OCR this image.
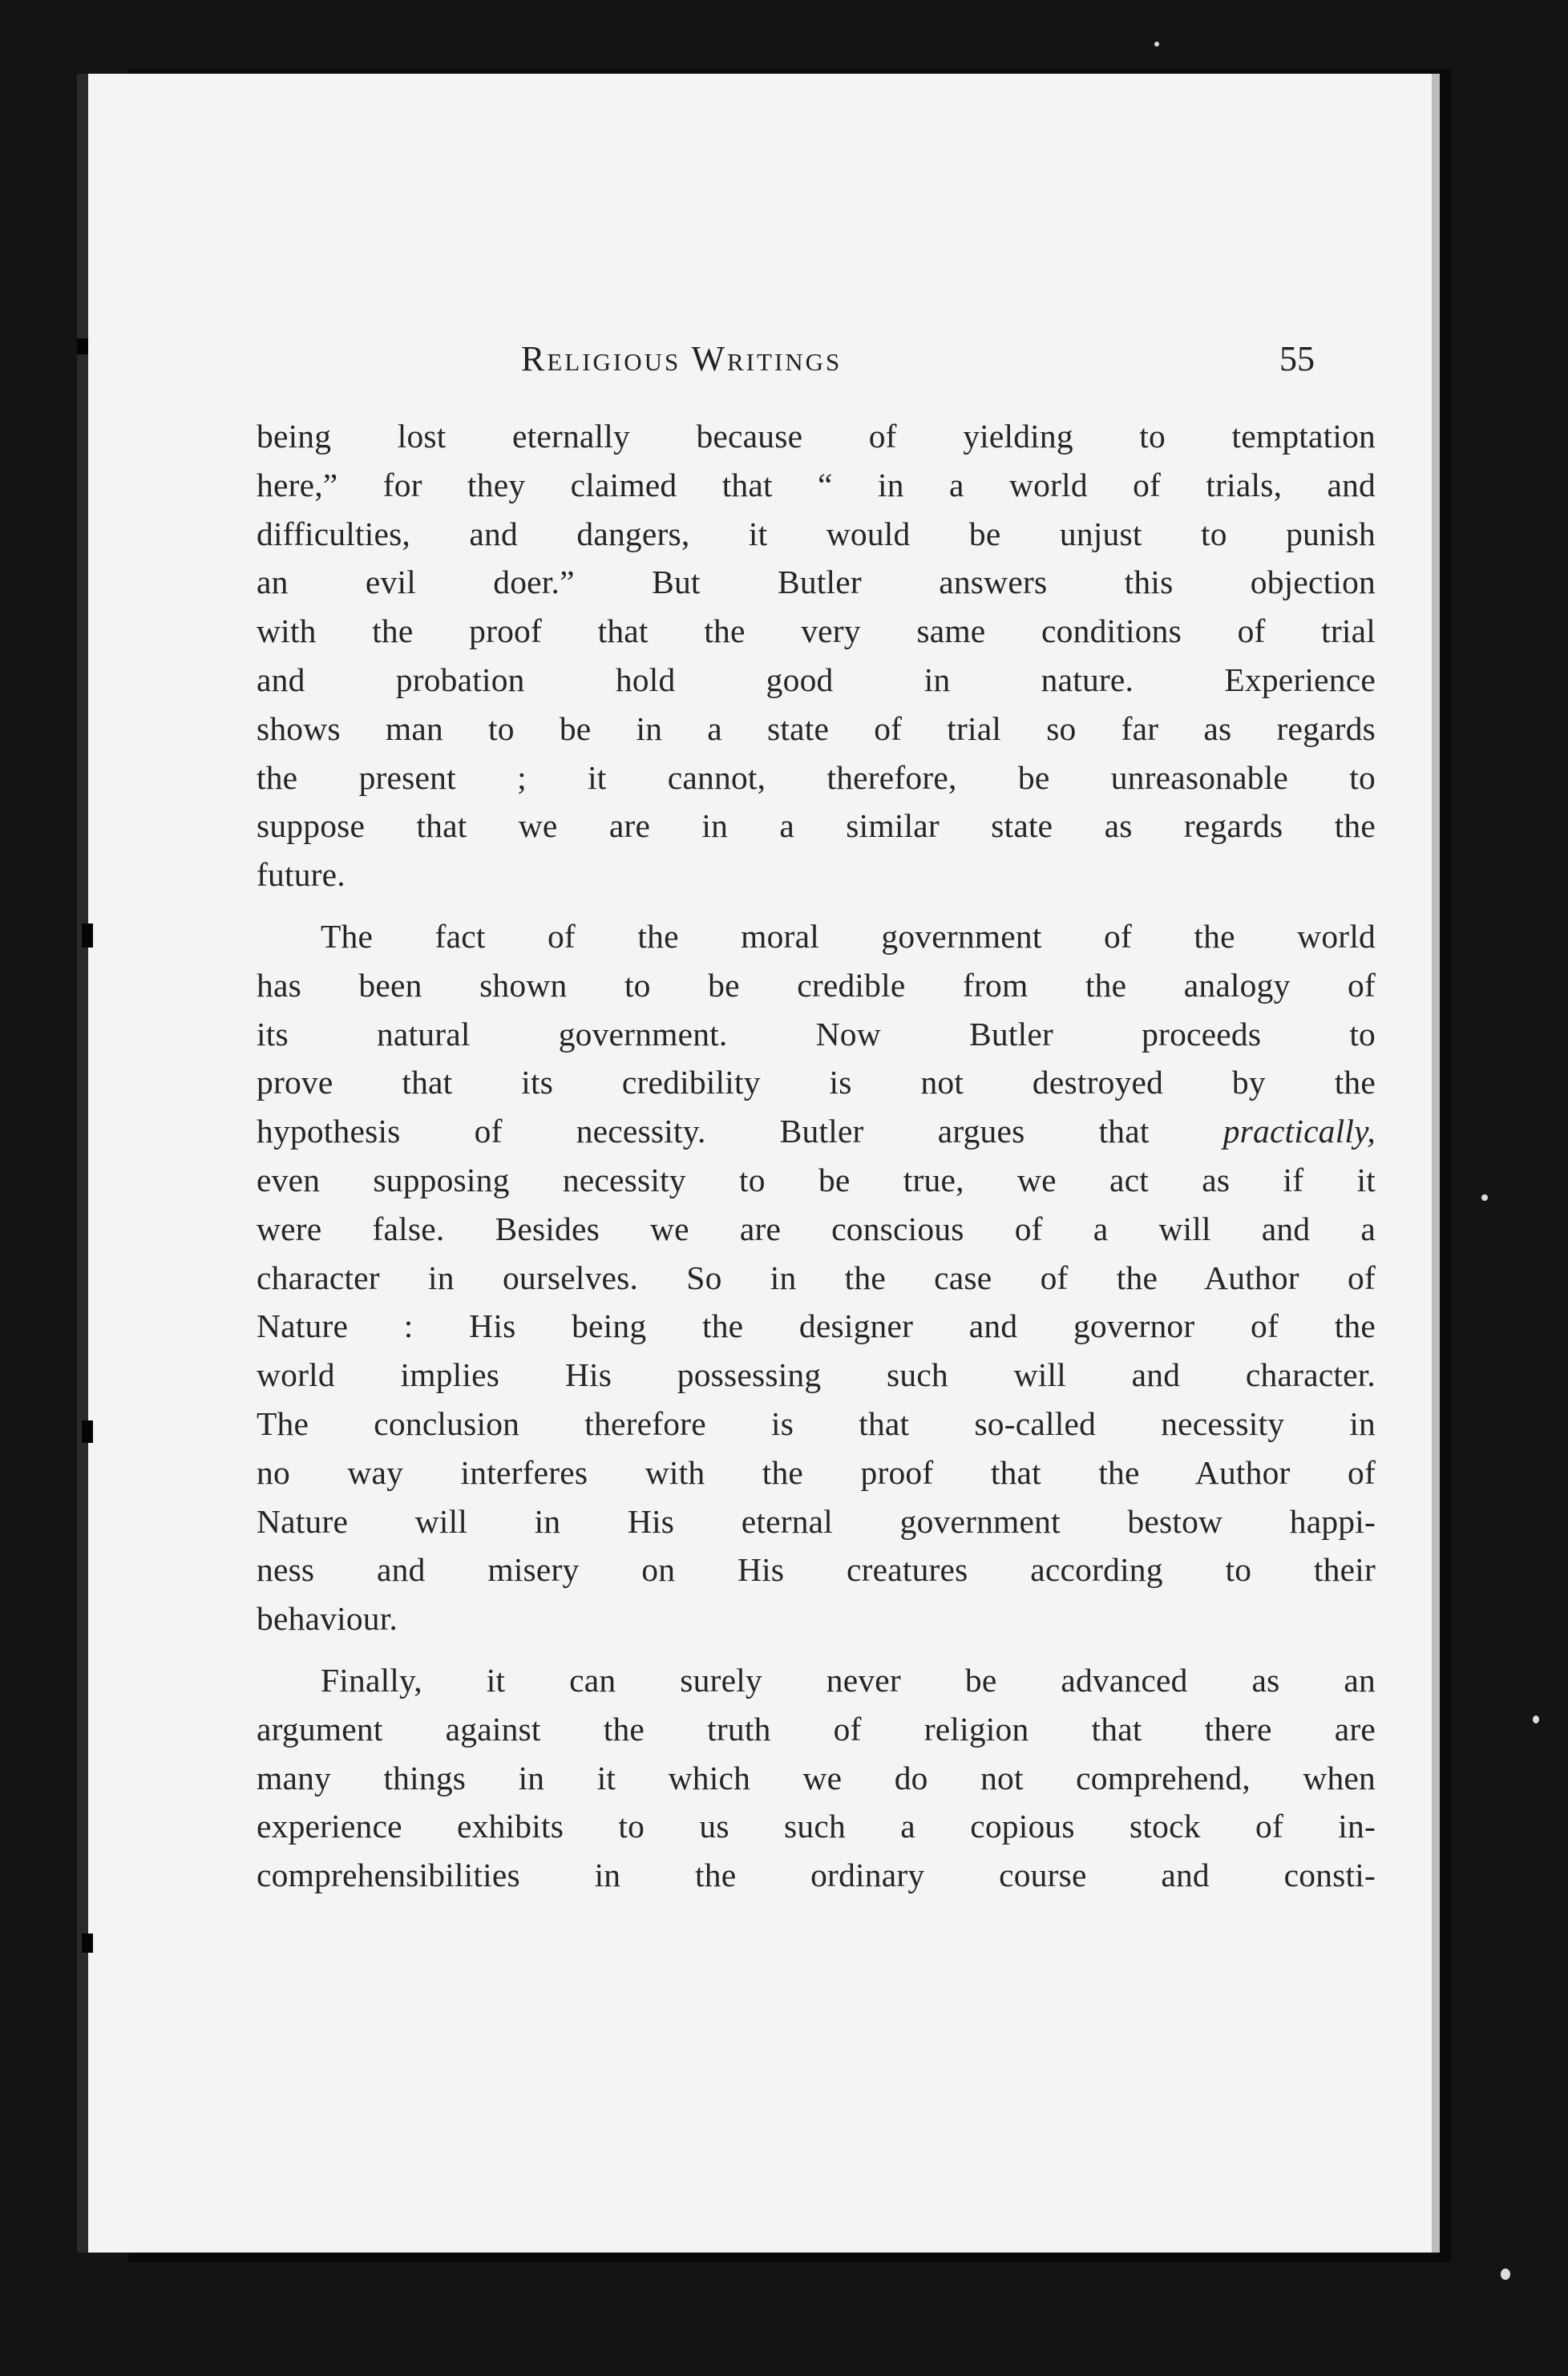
Religious Writings	55
being lost eternally because of yielding to temptation
here,” for they claimed that “ in a world of trials, and
difficulties, and dangers, it would be unjust to punish
an evil doer.” But Butler answers this objection
with the proof that the very same conditions of trial
and probation hold good in nature. Experience
shows man to be in a state of trial so far as regards
the present ; it cannot, therefore, be unreasonable to
suppose that we are in a similar state as regards the
future.
The fact of the moral government of the world
has been shown to be credible from the analogy of
its natural government. Now Butler proceeds to
prove that its credibility is not destroyed by the
hypothesis of necessity. Butler argues that practically,
even supposing necessity to be true, we act as if it
were false. Besides we are conscious of a will and a
character in ourselves. So in the case of the Author of
Nature : His being the designer and governor of the
world implies His possessing such will and character.
The conclusion therefore is that so-called necessity in
no way interferes with the proof that the Author of
Nature will in His eternal government bestow happi-
ness and misery on His creatures according to their
behaviour.
Finally, it can surely never be advanced as an
argument against the truth of religion that there are
many things in it which we do not comprehend, when
experience exhibits to us such a copious stock of in-
comprehensibilities in the ordinary course and consti-
